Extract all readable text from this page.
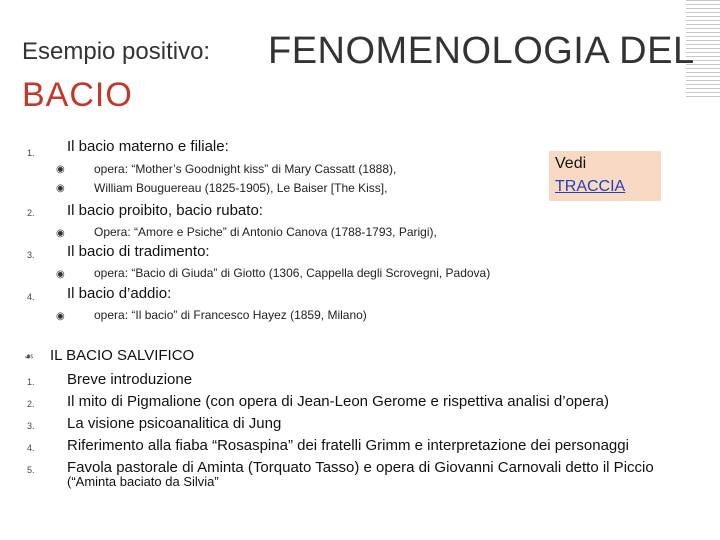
Esempio positivo: FENOMENOLOGIA DEL
BACIO
1. Il bacio materno e filiale:
◉ opera: “Mother’s Goodnight kiss” di Mary Cassatt (1888),
◉ William Bouguereau (1825-1905), Le Baiser [The Kiss],
Vedi
TRACCIA
2. Il bacio proibito, bacio rubato:
◉ Opera: “Amore e Psiche” di Antonio Canova (1788-1793, Parigi),
3. Il bacio di tradimento:
◉ opera: “Bacio di Giuda” di Giotto (1306, Cappella degli Scrovegni, Padova)
4. Il bacio d’addio:
◉ opera: “Il bacio” di Francesco Hayez (1859, Milano)
☙ IL BACIO SALVIFICO
1. Breve introduzione
2. Il mito di Pigmalione (con opera di Jean-Leon Gerome e rispettiva analisi d’opera)
3. La visione psicoanalitica di Jung
4. Riferimento alla fiaba “Rosaspina” dei fratelli Grimm e interpretazione dei personaggi
5. Favola pastorale di Aminta (Torquato Tasso) e opera di Giovanni Carnovali detto il Piccio
(“Aminta baciato da Silvia”
